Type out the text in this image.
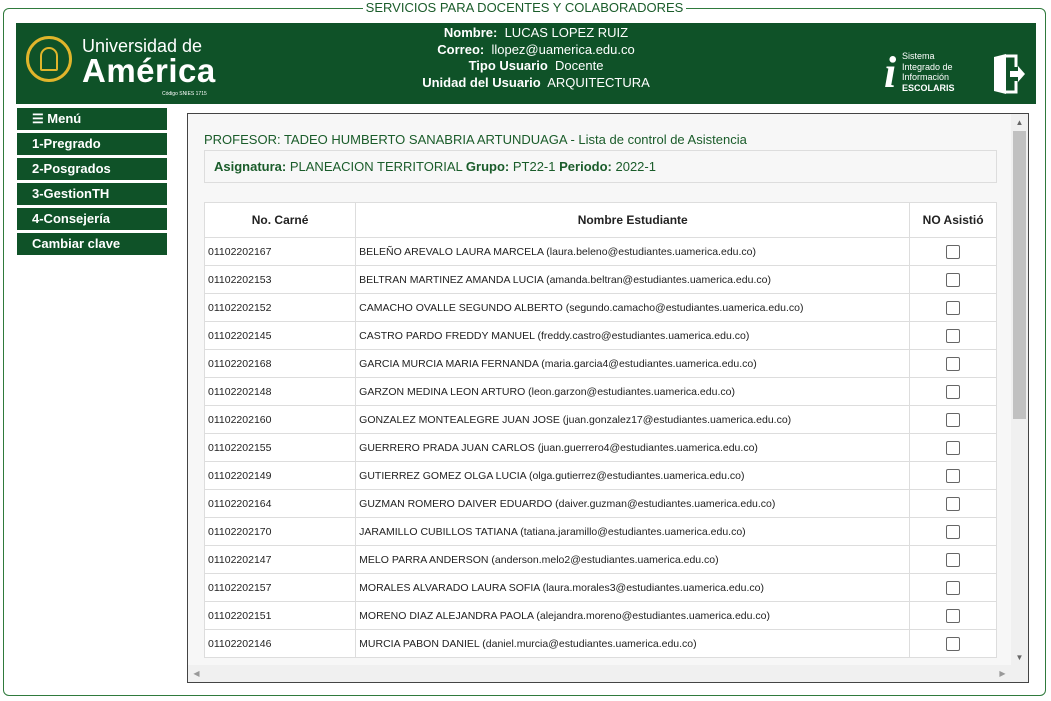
SERVICIOS PARA DOCENTES Y COLABORADORES
Universidad de
América
Código SNIES 1715
Nombre: LUCAS LOPEZ RUIZ
Correo: llopez@uamerica.edu.co
Tipo Usuario Docente
Unidad del Usuario ARQUITECTURA	i Sistema
Integrado de
Información
ESCOLARIS
☰ Menú
1-Pregrado
2-Posgrados
3-GestionTH
4-Consejería
Cambiar clave
PROFESOR: TADEO HUMBERTO SANABRIA ARTUNDUAGA - Lista de control de Asistencia
Asignatura: PLANEACION TERRITORIAL Grupo: PT22-1 Periodo: 2022-1
No. Carné	Nombre Estudiante	NO Asistió
01102202167	BELEÑO AREVALO LAURA MARCELA (laura.beleno@estudiantes.uamerica.edu.co)	
01102202153	BELTRAN MARTINEZ AMANDA LUCIA (amanda.beltran@estudiantes.uamerica.edu.co)	
01102202152	CAMACHO OVALLE SEGUNDO ALBERTO (segundo.camacho@estudiantes.uamerica.edu.co)	
01102202145	CASTRO PARDO FREDDY MANUEL (freddy.castro@estudiantes.uamerica.edu.co)	
01102202168	GARCIA MURCIA MARIA FERNANDA (maria.garcia4@estudiantes.uamerica.edu.co)	
01102202148	GARZON MEDINA LEON ARTURO (leon.garzon@estudiantes.uamerica.edu.co)	
01102202160	GONZALEZ MONTEALEGRE JUAN JOSE (juan.gonzalez17@estudiantes.uamerica.edu.co)	
01102202155	GUERRERO PRADA JUAN CARLOS (juan.guerrero4@estudiantes.uamerica.edu.co)	
01102202149	GUTIERREZ GOMEZ OLGA LUCIA (olga.gutierrez@estudiantes.uamerica.edu.co)	
01102202164	GUZMAN ROMERO DAIVER EDUARDO (daiver.guzman@estudiantes.uamerica.edu.co)	
01102202170	JARAMILLO CUBILLOS TATIANA (tatiana.jaramillo@estudiantes.uamerica.edu.co)	
01102202147	MELO PARRA ANDERSON (anderson.melo2@estudiantes.uamerica.edu.co)	
01102202157	MORALES ALVARADO LAURA SOFIA (laura.morales3@estudiantes.uamerica.edu.co)	
01102202151	MORENO DIAZ ALEJANDRA PAOLA (alejandra.moreno@estudiantes.uamerica.edu.co)	
01102202146	MURCIA PABON DANIEL (daniel.murcia@estudiantes.uamerica.edu.co)	
▲
▼
◀	▶
